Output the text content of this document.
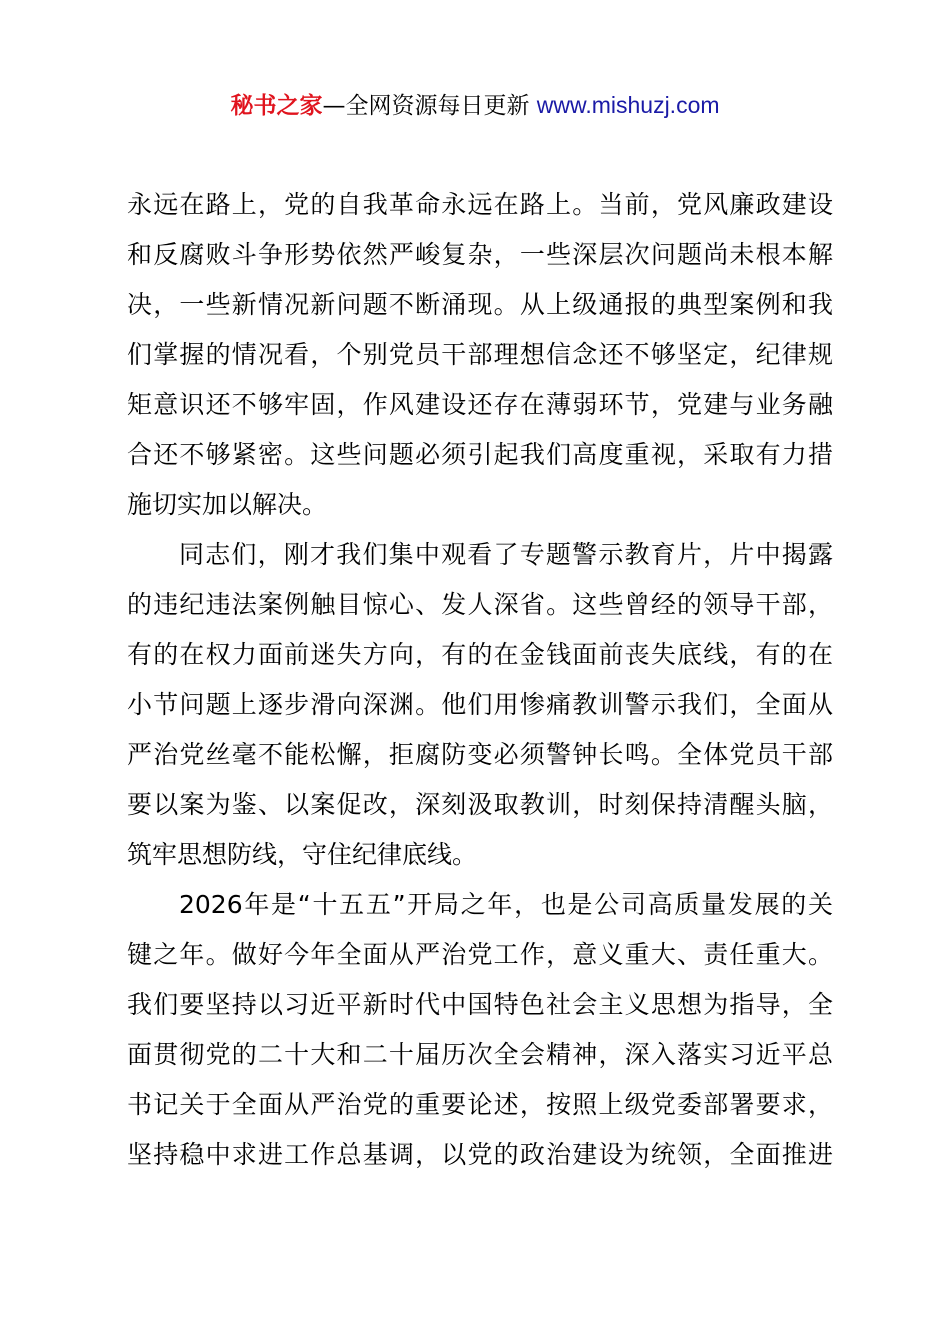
秘书之家—全网资源每日更新 www.mishuzj.com
永远在路上，党的自我革命永远在路上。当前，党风廉政建设
和反腐败斗争形势依然严峻复杂，一些深层次问题尚未根本解
决，一些新情况新问题不断涌现。从上级通报的典型案例和我
们掌握的情况看，个别党员干部理想信念还不够坚定，纪律规
矩意识还不够牢固，作风建设还存在薄弱环节，党建与业务融
合还不够紧密。这些问题必须引起我们高度重视，采取有力措
施切实加以解决。
同志们，刚才我们集中观看了专题警示教育片，片中揭露
的违纪违法案例触目惊心、发人深省。这些曾经的领导干部，
有的在权力面前迷失方向，有的在金钱面前丧失底线，有的在
小节问题上逐步滑向深渊。他们用惨痛教训警示我们，全面从
严治党丝毫不能松懈，拒腐防变必须警钟长鸣。全体党员干部
要以案为鉴、以案促改，深刻汲取教训，时刻保持清醒头脑，
筑牢思想防线，守住纪律底线。
2026年是“十五五”开局之年，也是公司高质量发展的关
键之年。做好今年全面从严治党工作，意义重大、责任重大。
我们要坚持以习近平新时代中国特色社会主义思想为指导，全
面贯彻党的二十大和二十届历次全会精神，深入落实习近平总
书记关于全面从严治党的重要论述，按照上级党委部署要求，
坚持稳中求进工作总基调，以党的政治建设为统领，全面推进
